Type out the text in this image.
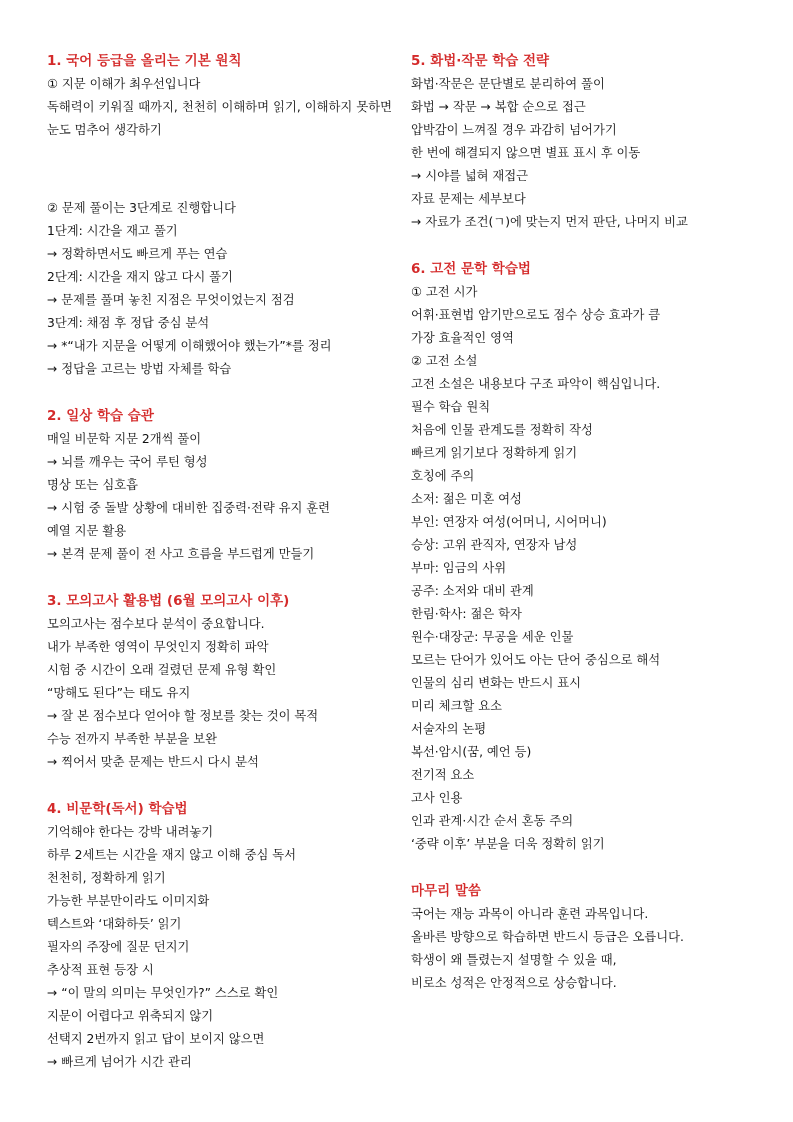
1. 국어 등급을 올리는 기본 원칙

① 지문 이해가 최우선입니다

독해력이 키워질 때까지, 천천히 이해하며 읽기, 이해하지 못하면 눈도 멈추어 생각하기

② 문제 풀이는 3단계로 진행합니다

1단계: 시간을 재고 풀기

→ 정확하면서도 빠르게 푸는 연습

2단계: 시간을 재지 않고 다시 풀기

→ 문제를 풀며 놓친 지점은 무엇이었는지 점검

3단계: 채점 후 정답 중심 분석

→ *“내가 지문을 어떻게 이해했어야 했는가”*를 정리

→ 정답을 고르는 방법 자체를 학습

2. 일상 학습 습관

매일 비문학 지문 2개씩 풀이

→ 뇌를 깨우는 국어 루틴 형성

명상 또는 심호흡

→ 시험 중 돌발 상황에 대비한 집중력·전략 유지 훈련

예열 지문 활용

→ 본격 문제 풀이 전 사고 흐름을 부드럽게 만들기

3. 모의고사 활용법 (6월 모의고사 이후)

모의고사는 점수보다 분석이 중요합니다.

내가 부족한 영역이 무엇인지 정확히 파악

시험 중 시간이 오래 걸렸던 문제 유형 확인

“망해도 된다”는 태도 유지

→ 잘 본 점수보다 얻어야 할 정보를 찾는 것이 목적

수능 전까지 부족한 부분을 보완

→ 찍어서 맞춘 문제는 반드시 다시 분석

4. 비문학(독서) 학습법

기억해야 한다는 강박 내려놓기

하루 2세트는 시간을 재지 않고 이해 중심 독서

천천히, 정확하게 읽기

가능한 부분만이라도 이미지화

텍스트와 ‘대화하듯’ 읽기

필자의 주장에 질문 던지기

추상적 표현 등장 시

→ “이 말의 의미는 무엇인가?” 스스로 확인

지문이 어렵다고 위축되지 않기

선택지 2번까지 읽고 답이 보이지 않으면

→ 빠르게 넘어가 시간 관리

5. 화법·작문 학습 전략

화법·작문은 문단별로 분리하여 풀이

화법 → 작문 → 복합 순으로 접근

압박감이 느껴질 경우 과감히 넘어가기

한 번에 해결되지 않으면 별표 표시 후 이동

→ 시야를 넓혀 재접근

자료 문제는 세부보다

→ 자료가 조건(ㄱ)에 맞는지 먼저 판단, 나머지 비교

6. 고전 문학 학습법

① 고전 시가

어휘·표현법 암기만으로도 점수 상승 효과가 큼

가장 효율적인 영역

② 고전 소설

고전 소설은 내용보다 구조 파악이 핵심입니다.

필수 학습 원칙

처음에 인물 관계도를 정확히 작성

빠르게 읽기보다 정확하게 읽기

호칭에 주의

소저: 젊은 미혼 여성

부인: 연장자 여성(어머니, 시어머니)

승상: 고위 관직자, 연장자 남성

부마: 임금의 사위

공주: 소저와 대비 관계

한림·학사: 젊은 학자

원수·대장군: 무공을 세운 인물

모르는 단어가 있어도 아는 단어 중심으로 해석

인물의 심리 변화는 반드시 표시

미리 체크할 요소

서술자의 논평

복선·암시(꿈, 예언 등)

전기적 요소

고사 인용

인과 관계·시간 순서 혼동 주의

‘중략 이후’ 부분을 더욱 정확히 읽기

마무리 말씀

국어는 재능 과목이 아니라 훈련 과목입니다.

올바른 방향으로 학습하면 반드시 등급은 오릅니다.

학생이 왜 틀렸는지 설명할 수 있을 때,

비로소 성적은 안정적으로 상승합니다.
